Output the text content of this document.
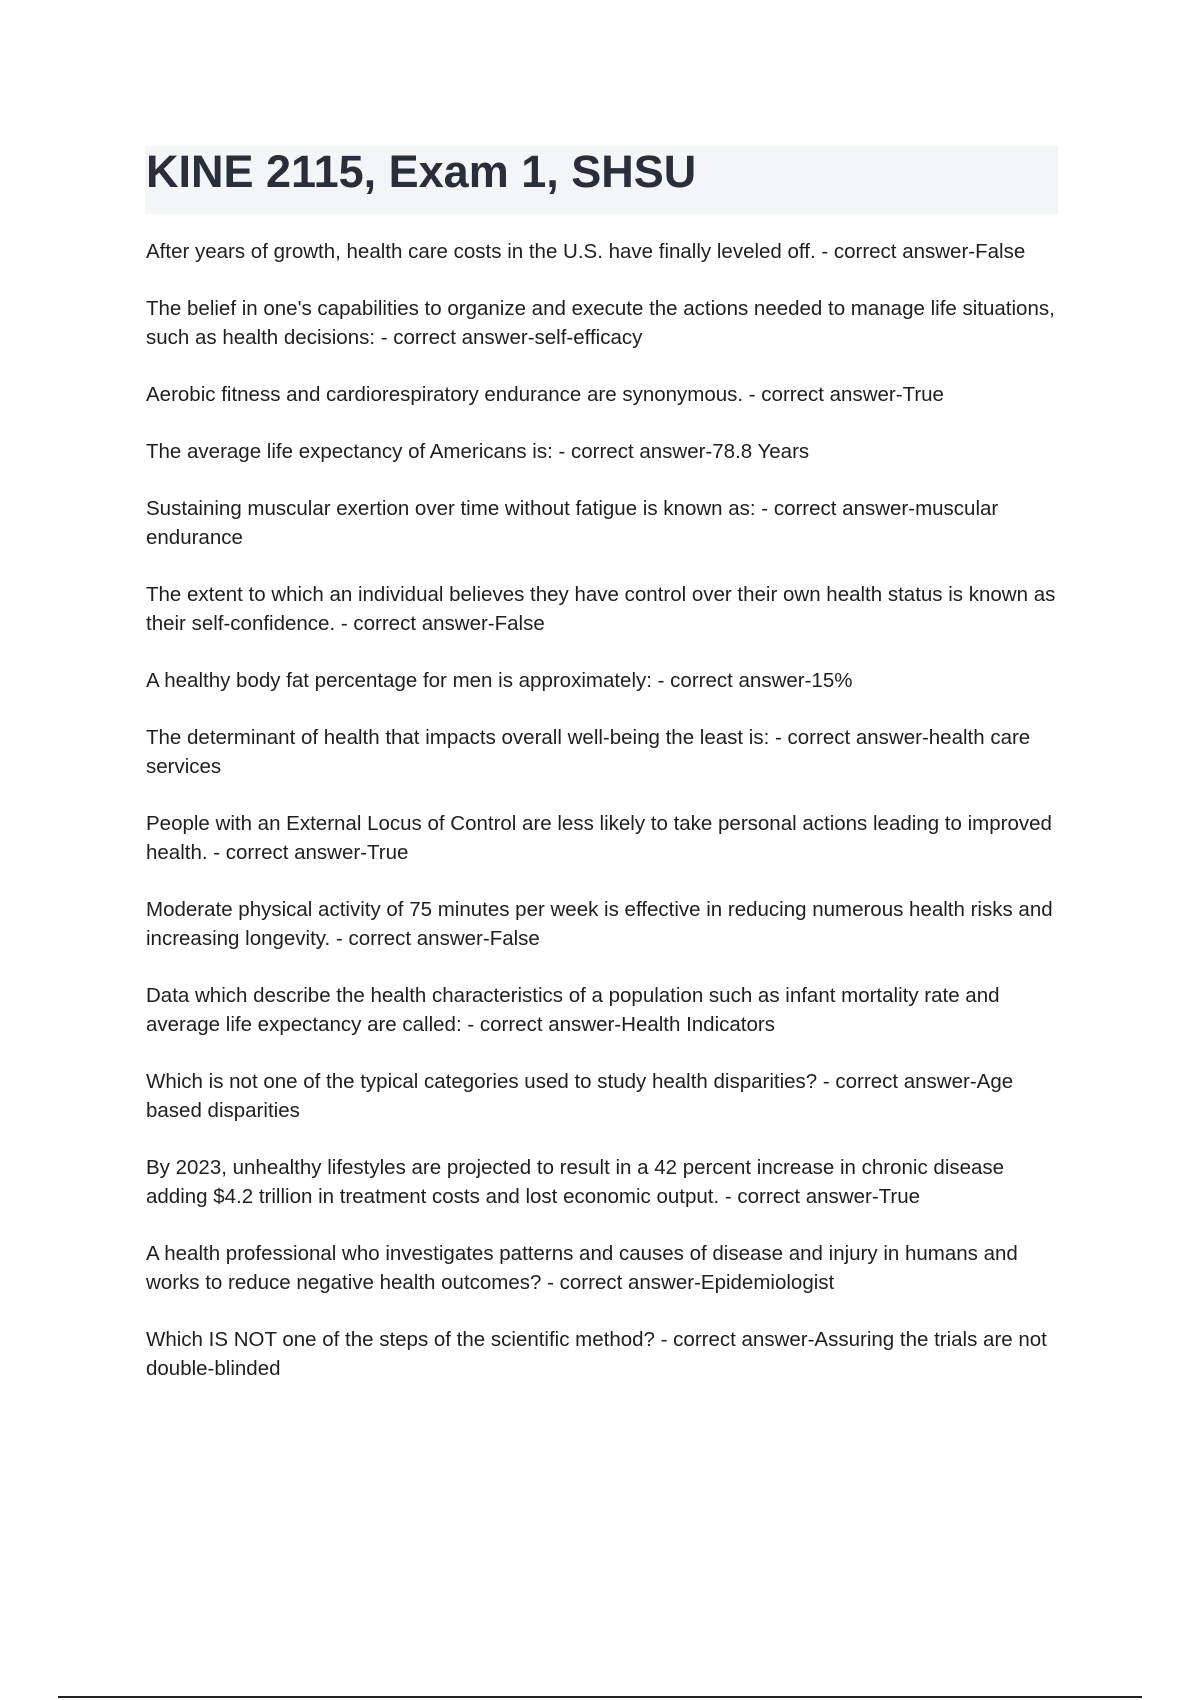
KINE 2115, Exam 1, SHSU
After years of growth, health care costs in the U.S. have finally leveled off. - correct answer-False
The belief in one's capabilities to organize and execute the actions needed to manage life situations, such as health decisions: - correct answer-self-efficacy
Aerobic fitness and cardiorespiratory endurance are synonymous. - correct answer-True
The average life expectancy of Americans is: - correct answer-78.8 Years
Sustaining muscular exertion over time without fatigue is known as: - correct answer-muscular endurance
The extent to which an individual believes they have control over their own health status is known as their self-confidence. - correct answer-False
A healthy body fat percentage for men is approximately: - correct answer-15%
The determinant of health that impacts overall well-being the least is: - correct answer-health care services
People with an External Locus of Control are less likely to take personal actions leading to improved health. - correct answer-True
Moderate physical activity of 75 minutes per week is effective in reducing numerous health risks and increasing longevity. - correct answer-False
Data which describe the health characteristics of a population such as infant mortality rate and average life expectancy are called: - correct answer-Health Indicators
Which is not one of the typical categories used to study health disparities? - correct answer-Age based disparities
By 2023, unhealthy lifestyles are projected to result in a 42 percent increase in chronic disease adding $4.2 trillion in treatment costs and lost economic output. - correct answer-True
A health professional who investigates patterns and causes of disease and injury in humans and works to reduce negative health outcomes? - correct answer-Epidemiologist
Which IS NOT one of the steps of the scientific method? - correct answer-Assuring the trials are not double-blinded
